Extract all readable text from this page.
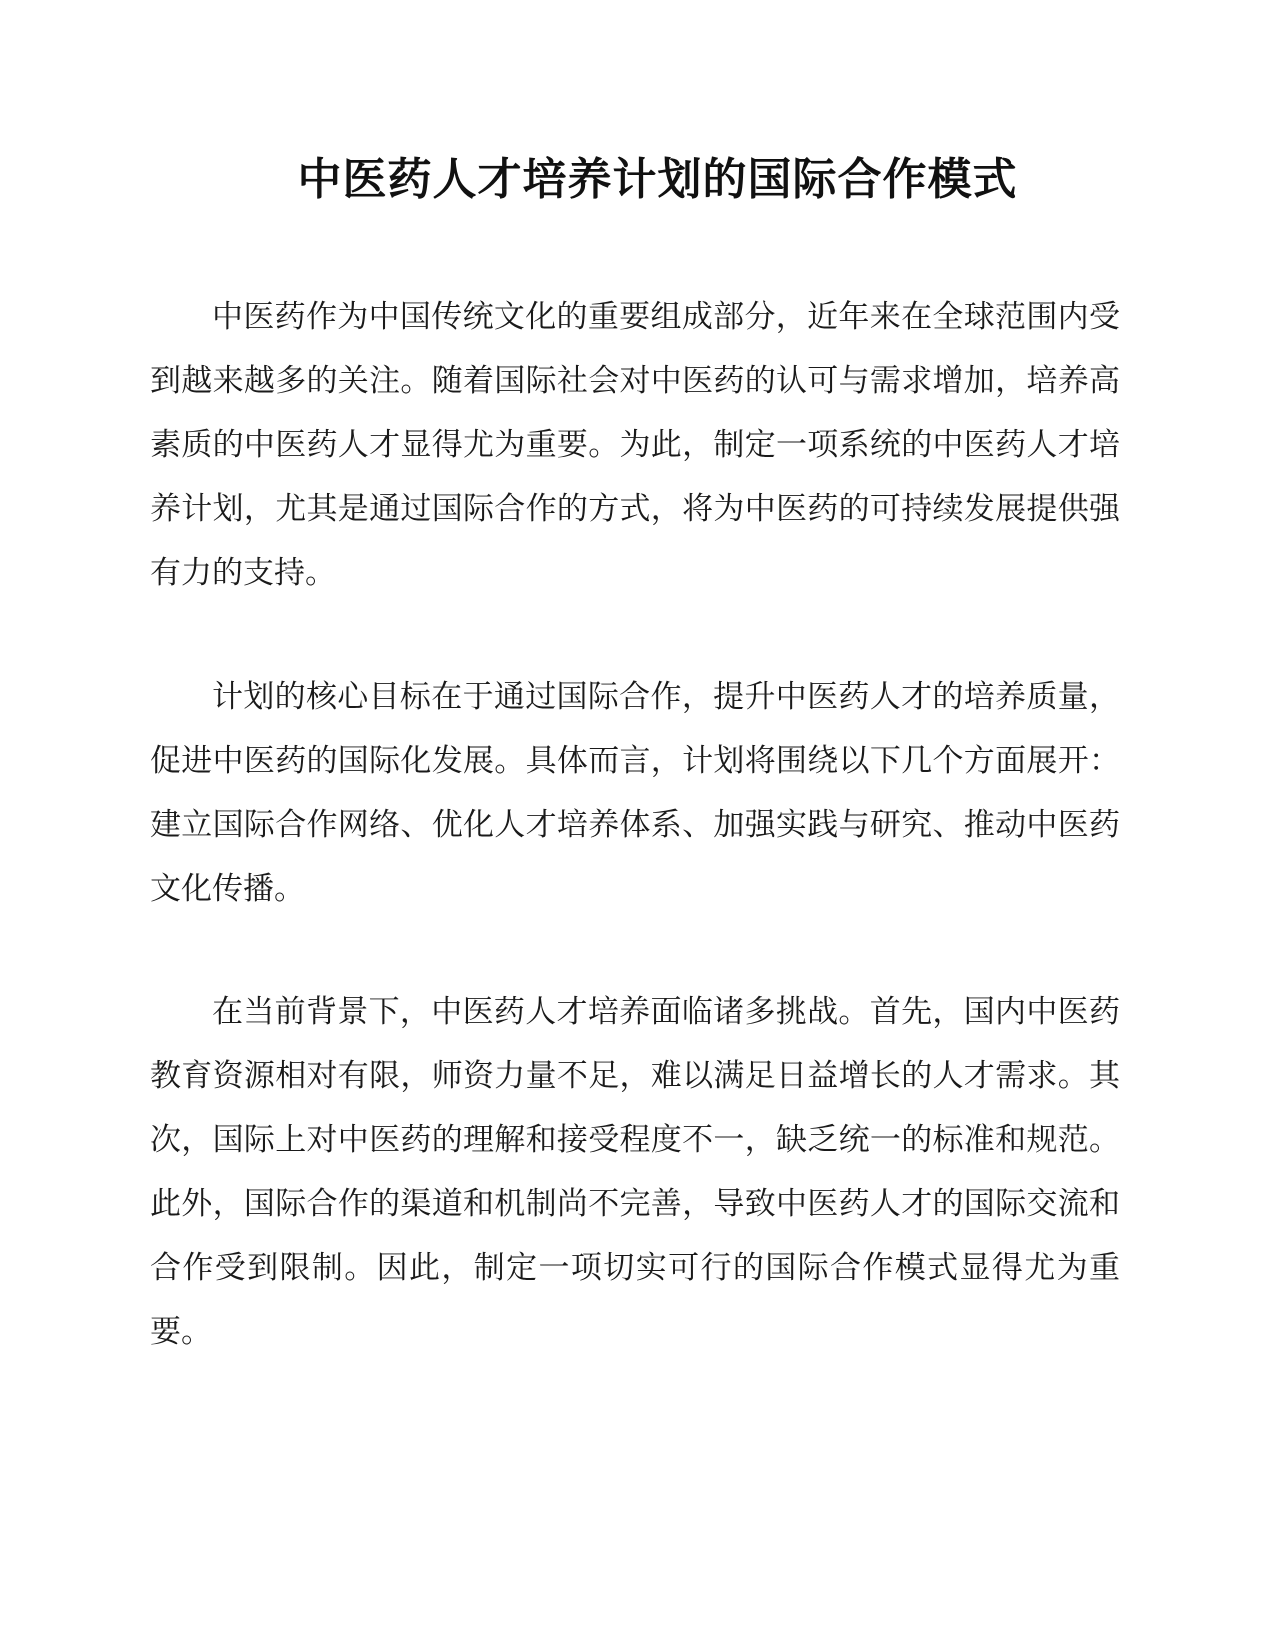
中医药人才培养计划的国际合作模式

中医药作为中国传统文化的重要组成部分，近年来在全球范围内受到越来越多的关注。随着国际社会对中医药的认可与需求增加，培养高素质的中医药人才显得尤为重要。为此，制定一项系统的中医药人才培养计划，尤其是通过国际合作的方式，将为中医药的可持续发展提供强有力的支持。

计划的核心目标在于通过国际合作，提升中医药人才的培养质量，促进中医药的国际化发展。具体而言，计划将围绕以下几个方面展开：建立国际合作网络、优化人才培养体系、加强实践与研究、推动中医药文化传播。

在当前背景下，中医药人才培养面临诸多挑战。首先，国内中医药教育资源相对有限，师资力量不足，难以满足日益增长的人才需求。其次，国际上对中医药的理解和接受程度不一，缺乏统一的标准和规范。此外，国际合作的渠道和机制尚不完善，导致中医药人才的国际交流和合作受到限制。因此，制定一项切实可行的国际合作模式显得尤为重要。
